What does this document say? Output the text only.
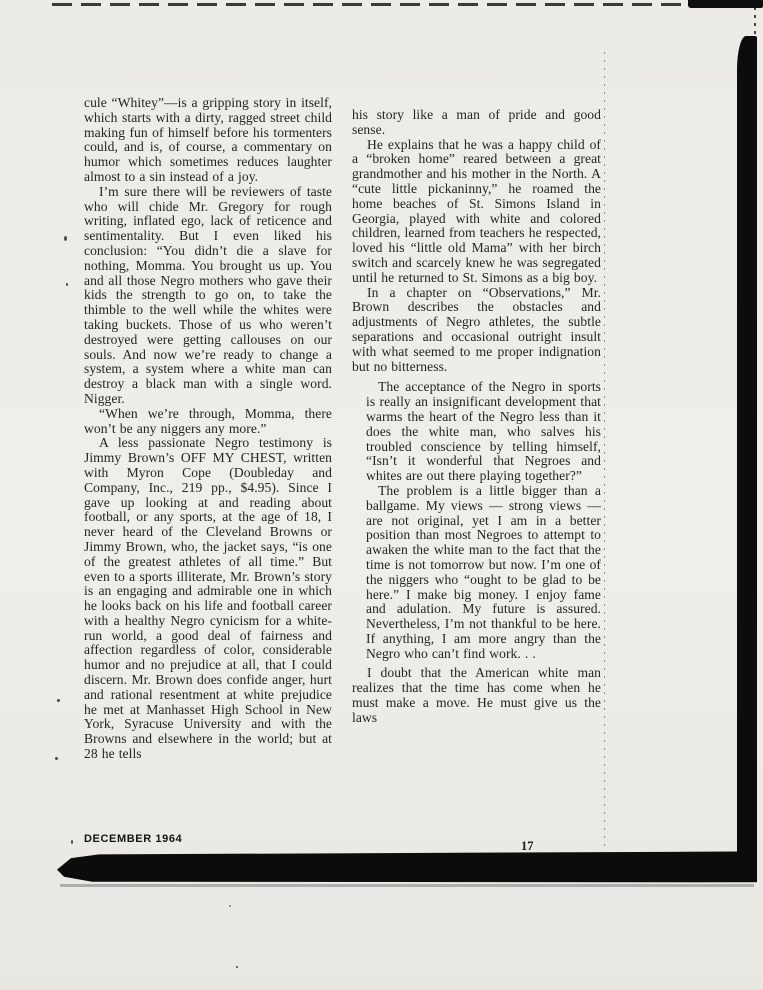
cule “Whitey”—is a gripping story in itself, which starts with a dirty, ragged street child making fun of himself before his tormenters could, and is, of course, a commentary on humor which sometimes reduces laughter almost to a sin instead of a joy.

I’m sure there will be reviewers of taste who will chide Mr. Gregory for rough writing, inflated ego, lack of reticence and sentimentality. But I even liked his conclusion: “You didn’t die a slave for nothing, Momma. You brought us up. You and all those Negro mothers who gave their kids the strength to go on, to take the thimble to the well while the whites were taking buckets. Those of us who weren’t destroyed were getting callouses on our souls. And now we’re ready to change a system, a system where a white man can destroy a black man with a single word. Nigger.

“When we’re through, Momma, there won’t be any niggers any more.”

A less passionate Negro testimony is Jimmy Brown’s OFF MY CHEST, written with Myron Cope (Doubleday and Company, Inc., 219 pp., $4.95). Since I gave up looking at and reading about football, or any sports, at the age of 18, I never heard of the Cleveland Browns or Jimmy Brown, who, the jacket says, “is one of the greatest athletes of all time.” But even to a sports illiterate, Mr. Brown’s story is an engaging and admirable one in which he looks back on his life and football career with a healthy Negro cynicism for a white-run world, a good deal of fairness and affection regardless of color, considerable humor and no prejudice at all, that I could discern. Mr. Brown does confide anger, hurt and rational resentment at white prejudice he met at Manhasset High School in New York, Syracuse University and with the Browns and elsewhere in the world; but at 28 he tells

his story like a man of pride and good sense.

He explains that he was a happy child of a “broken home” reared between a great grandmother and his mother in the North. A “cute little pickaninny,” he roamed the home beaches of St. Simons Island in Georgia, played with white and colored children, learned from teachers he respected, loved his “little old Mama” with her birch switch and scarcely knew he was segregated until he returned to St. Simons as a big boy.

In a chapter on “Observations,” Mr. Brown describes the obstacles and adjustments of Negro athletes, the subtle separations and occasional outright insult with what seemed to me proper indignation but no bitterness.

The acceptance of the Negro in sports is really an insignificant development that warms the heart of the Negro less than it does the white man, who salves his troubled conscience by telling himself, “Isn’t it wonderful that Negroes and whites are out there playing together?”

The problem is a little bigger than a ballgame. My views — strong views — are not original, yet I am in a better position than most Negroes to attempt to awaken the white man to the fact that the time is not tomorrow but now. I’m one of the niggers who “ought to be glad to be here.” I make big money. I enjoy fame and adulation. My future is assured. Nevertheless, I’m not thankful to be here. If anything, I am more angry than the Negro who can’t find work. . .

I doubt that the American white man realizes that the time has come when he must make a move. He must give us the laws

DECEMBER 1964	17
